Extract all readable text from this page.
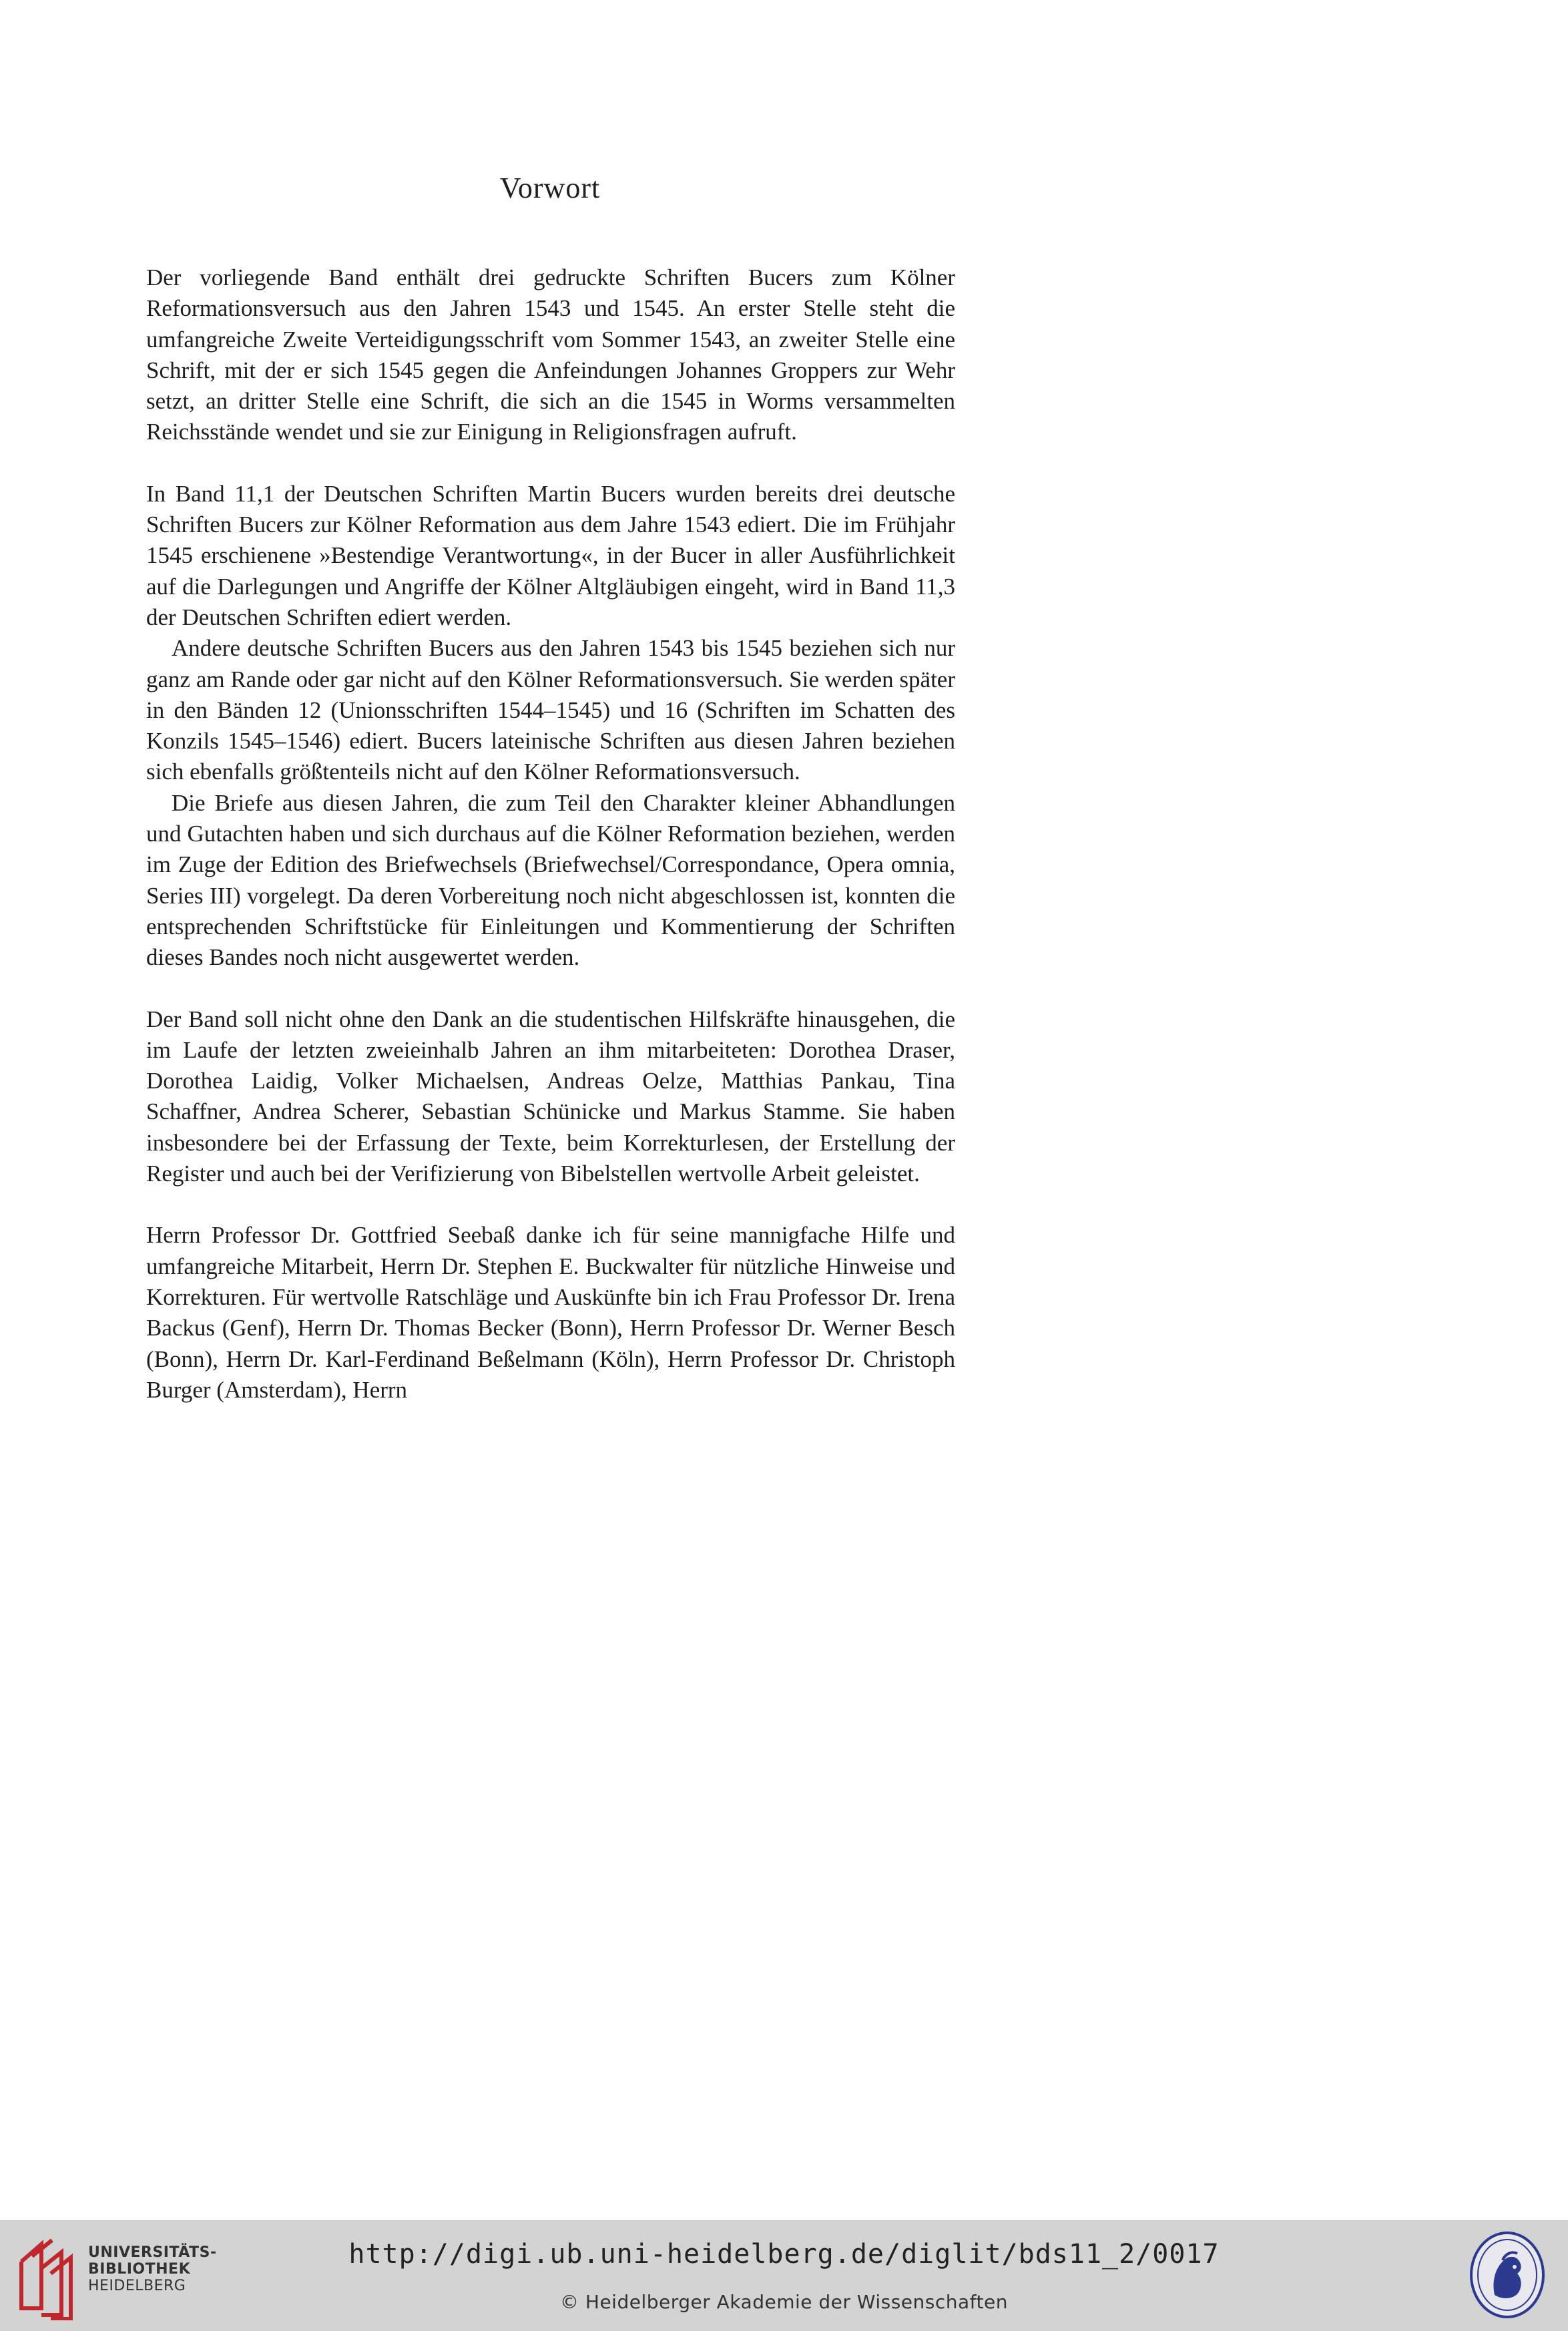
Vorwort

Der vorliegende Band enthält drei gedruckte Schriften Bucers zum Kölner Reformationsversuch aus den Jahren 1543 und 1545. An erster Stelle steht die umfangreiche Zweite Verteidigungsschrift vom Sommer 1543, an zweiter Stelle eine Schrift, mit der er sich 1545 gegen die Anfeindungen Johannes Groppers zur Wehr setzt, an dritter Stelle eine Schrift, die sich an die 1545 in Worms versammelten Reichsstände wendet und sie zur Einigung in Religionsfragen aufruft.

In Band 11,1 der Deutschen Schriften Martin Bucers wurden bereits drei deutsche Schriften Bucers zur Kölner Reformation aus dem Jahre 1543 ediert. Die im Frühjahr 1545 erschienene »Bestendige Verantwortung«, in der Bucer in aller Ausführlichkeit auf die Darlegungen und Angriffe der Kölner Altgläubigen eingeht, wird in Band 11,3 der Deutschen Schriften ediert werden.

Andere deutsche Schriften Bucers aus den Jahren 1543 bis 1545 beziehen sich nur ganz am Rande oder gar nicht auf den Kölner Reformationsversuch. Sie werden später in den Bänden 12 (Unionsschriften 1544–1545) und 16 (Schriften im Schatten des Konzils 1545–1546) ediert. Bucers lateinische Schriften aus diesen Jahren beziehen sich ebenfalls größtenteils nicht auf den Kölner Reformationsversuch.

Die Briefe aus diesen Jahren, die zum Teil den Charakter kleiner Abhandlungen und Gutachten haben und sich durchaus auf die Kölner Reformation beziehen, werden im Zuge der Edition des Briefwechsels (Briefwechsel/Correspondance, Opera omnia, Series III) vorgelegt. Da deren Vorbereitung noch nicht abgeschlossen ist, konnten die entsprechenden Schriftstücke für Einleitungen und Kommentierung der Schriften dieses Bandes noch nicht ausgewertet werden.

Der Band soll nicht ohne den Dank an die studentischen Hilfskräfte hinausgehen, die im Laufe der letzten zweieinhalb Jahren an ihm mitarbeiteten: Dorothea Draser, Dorothea Laidig, Volker Michaelsen, Andreas Oelze, Matthias Pankau, Tina Schaffner, Andrea Scherer, Sebastian Schünicke und Markus Stamme. Sie haben insbesondere bei der Erfassung der Texte, beim Korrekturlesen, der Erstellung der Register und auch bei der Verifizierung von Bibelstellen wertvolle Arbeit geleistet.

Herrn Professor Dr. Gottfried Seebaß danke ich für seine mannigfache Hilfe und umfangreiche Mitarbeit, Herrn Dr. Stephen E. Buckwalter für nützliche Hinweise und Korrekturen. Für wertvolle Ratschläge und Auskünfte bin ich Frau Professor Dr. Irena Backus (Genf), Herrn Dr. Thomas Becker (Bonn), Herrn Professor Dr. Werner Besch (Bonn), Herrn Dr. Karl-Ferdinand Beßelmann (Köln), Herrn Professor Dr. Christoph Burger (Amsterdam), Herrn

UNIVERSITÄTS-
BIBLIOTHEK
HEIDELBERG
http://digi.ub.uni-heidelberg.de/diglit/bds11_2/0017
© Heidelberger Akademie der Wissenschaften
